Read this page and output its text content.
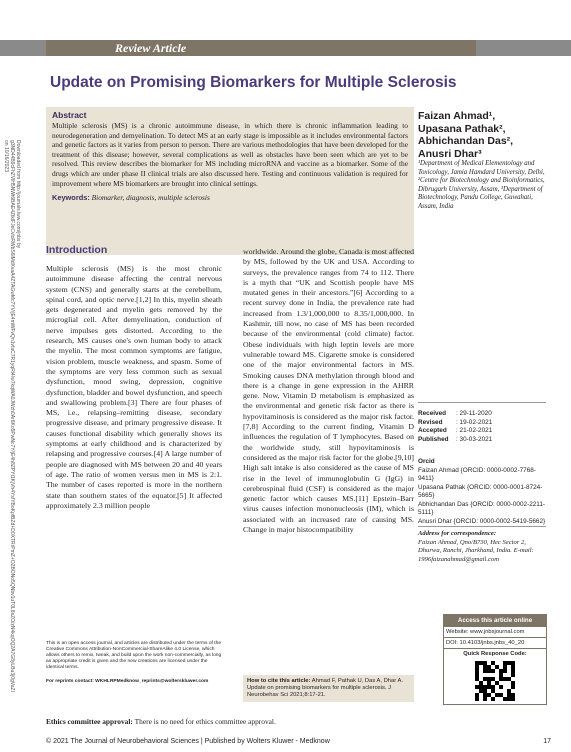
Review Article
Update on Promising Biomarkers for Multiple Sclerosis
Downloaded from http://journals.lww.com/jnbs by g3ND44B9cFhZVlH5NWt6BAE4ZtklFJeCvloRWbS6lMdXvaA4ZTAGwMc7YV/jE4mWFvQn1vfaC7R1yqRl4/w7kqWA0JWzh0Ar6Ko5PwNc7Y/jE4h8ZPYt1KjVh4YsfYBoKpfBZd+D0XTRrPmZ+O2BONo5QNbv1uT0L8sZO/zN4kqOQ2A7G8yLBu3j0gVaZI on 10/16/2023
Abstract

Multiple sclerosis (MS) is a chronic autoimmune disease, in which there is chronic inflammation leading to neurodegeneration and demyelination. To detect MS at an early stage is impossible as it includes environmental factors and genetic factors as it varies from person to person. There are various methodologies that have been developed for the treatment of this disease; however, several complications as well as obstacles have been seen which are yet to be resolved. This review describes the biomarker for MS including microRNA and vaccine as a biomarker. Some of the drugs which are under phase II clinical trials are also discussed here. Testing and continuous validation is required for improvement where MS biomarkers are brought into clinical settings.

Keywords: Biomarker, diagnosis, multiple sclerosis

Faizan Ahmad¹,
Upasana Pathak²,
Abhichandan Das²,
Anusri Dhar³
¹Department of Medical Elementology and Toxicology, Jamia Hamdard University, Delhi, ²Centre for Biotechnology and Bioinformatics, Dibrugarh University, Assam, ³Department of Biotechnology, Pandu College, Guwahati, Assam, India
Introduction
Multiple sclerosis (MS) is the most chronic autoimmune disease affecting the central nervous system (CNS) and generally starts at the cerebellum, spinal cord, and optic nerve.[1,2] In this, myelin sheath gets degenerated and myelin gets removed by the microglial cell. After demyelination, conduction of nerve impulses gets distorted. According to the research, MS causes one's own human body to attack the myelin. The most common symptoms are fatigue, vision problem, muscle weakness, and spasm. Some of the symptoms are very less common such as sexual dysfunction, mood swing, depression, cognitive dysfunction, bladder and bowel dysfunction, and speech and swallowing problem.[3] There are four phases of MS, i.e., relapsing–remitting disease, secondary progressive disease, and primary progressive disease. It causes functional disability which generally shows its symptoms at early childhood and is characterized by relapsing and progressive courses.[4] A large number of people are diagnosed with MS between 20 and 40 years of age. The ratio of women versus men in MS is 2:1. The number of cases reported is more in the northern state than southern states of the equator.[5] It affected approximately 2.3 million people
worldwide. Around the globe, Canada is most affected by MS, followed by the UK and USA. According to surveys, the prevalence ranges from 74 to 112. There is a myth that “UK and Scottish people have MS mutated genes in their ancestors.”[6] According to a recent survey done in India, the prevalence rate had increased from 1.3/1,000,000 to 8.35/1,000,000. In Kashmir, till now, no case of MS has been recorded because of the environmental (cold climate) factor. Obese individuals with high leptin levels are more vulnerable toward MS. Cigarette smoke is considered one of the major environmental factors in MS. Smoking causes DNA methylation through blood and there is a change in gene expression in the AHRR gene. Now, Vitamin D metabolism is emphasized as the environmental and genetic risk factor as there is hypovitaminosis is considered as the major risk factor.[7,8] According to the current finding, Vitamin D influences the regulation of T lymphocytes. Based on the worldwide study, still hypovitaminosis is considered as the major risk factor for the globe.[9,10] High salt intake is also considered as the cause of MS rise in the level of immunoglobulin G (IgG) in cerebrospinal fluid (CSF) is considered as the major genetic factor which causes MS.[11] Epstein–Barr virus causes infection mononucleosis (IM), which is associated with an increased rate of causing MS. Change in major histocompatibility
Received	: 29-11-2020
Revised	: 19-02-2021
Accepted	: 21-02-2021
Published	: 30-03-2021
Orcid
Faizan Ahmad {ORCID: 0000-0002-7768-9411}
Upasana Pathak {ORCID: 0000-0001-8724-5665}
Abhichandan Das {ORCID: 0000-0002-2211-5111}
Anusri Dhar {ORCID: 0000-0002-5419-5662}
Address for correspondence:
Faizan Ahmad, Qno/B730, Hec Sector 2, Dhurwa, Ranchi, Jharkhand, India. E-mail: 1996faizanahmad@gmail.com
Access this article online
Website: www.jnbsjournal.com
DOI: 10.4103/jnbs.jnbs_40_20
Quick Response Code:
This is an open access journal, and articles are distributed under the terms of the Creative Commons Attribution-NonCommercial-ShareAlike 4.0 License, which allows others to remix, tweak, and build upon the work non-commercially, as long as appropriate credit is given and the new creations are licensed under the identical terms.
For reprints contact: WKHLRPMedknow_reprints@wolterskluwer.com	How to cite this article: Ahmad F, Pathak U, Das A, Dhar A. Update on promising biomarkers for multiple sclerosis. J Neurobehav Sci 2021;8:17-21.
Ethics committee approval: There is no need for ethics committee approval.
© 2021 The Journal of Neurobehavioral Sciences | Published by Wolters Kluwer - Medknow	17
